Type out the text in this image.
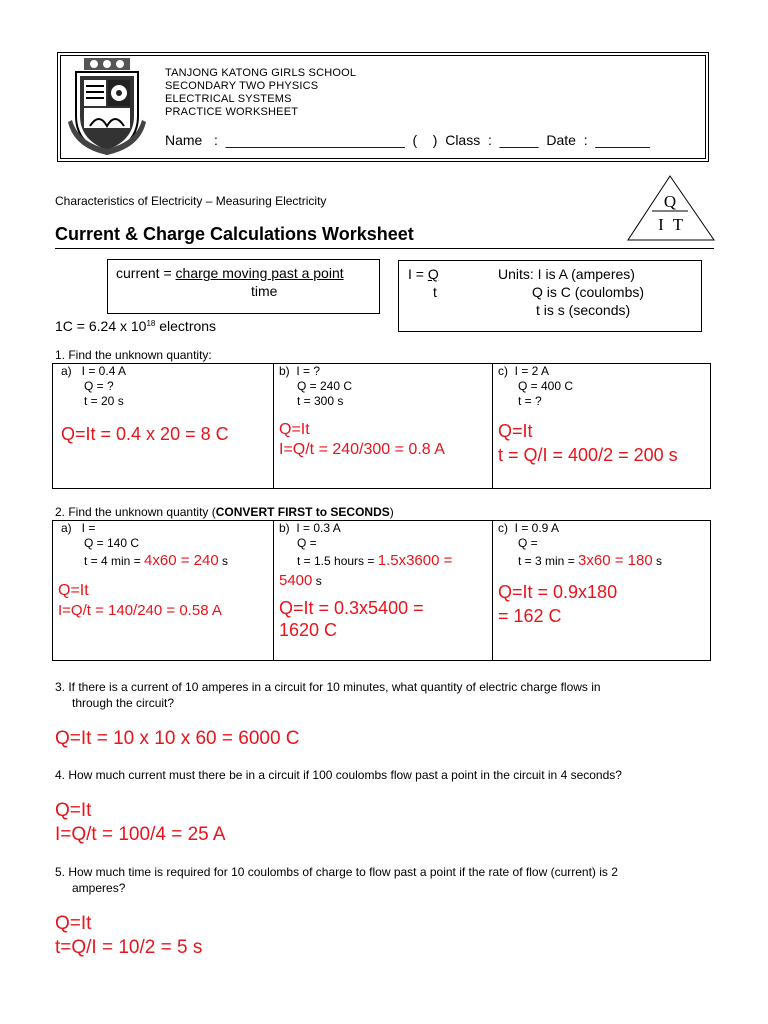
TANJONG KATONG GIRLS SCHOOL
SECONDARY TWO PHYSICS
ELECTRICAL SYSTEMS
PRACTICE WORKSHEET
Name   :  _______________________  (    )  Class  :  _____  Date  :  _______
Characteristics of Electricity – Measuring Electricity
Current & Charge Calculations Worksheet
Q
I T
current = charge moving past a point
time
I = Q
t
Units: I is A (amperes)
Q is C (coulombs)
t is s (seconds)
1C = 6.24 x $10^{18}$ electrons
1. Find the unknown quantity:
a)   I = 0.4 A
Q = ?
t = 20 s
Q=It = 0.4 x 20 = 8 C

b)  I = ?
Q = 240 C
t = 300 s
Q=It
I=Q/t = 240/300 = 0.8 A

c)  I = 2 A
Q = 400 C
t = ?
Q=It
t = Q/I = 400/2 = 200 s
2. Find the unknown quantity (CONVERT FIRST to SECONDS)
a)   I =
Q = 140 C
t = 4 min = 4x60 = 240 s
Q=It
I=Q/t = 140/240 = 0.58 A

b)  I = 0.3 A
Q =
t = 1.5 hours = 1.5x3600 =
5400 s
Q=It = 0.3x5400 =
1620 C

c)  I = 0.9 A
Q =
t = 3 min = 3x60 = 180 s
Q=It = 0.9x180
= 162 C
3. If there is a current of 10 amperes in a circuit for 10 minutes, what quantity of electric charge flows in
through the circuit?
Q=It = 10 x 10 x 60 = 6000 C
4. How much current must there be in a circuit if 100 coulombs flow past a point in the circuit in 4 seconds?
Q=It
I=Q/t = 100/4 = 25 A
5. How much time is required for 10 coulombs of charge to flow past a point if the rate of flow (current) is 2
amperes?
Q=It
t=Q/I = 10/2 = 5 s
